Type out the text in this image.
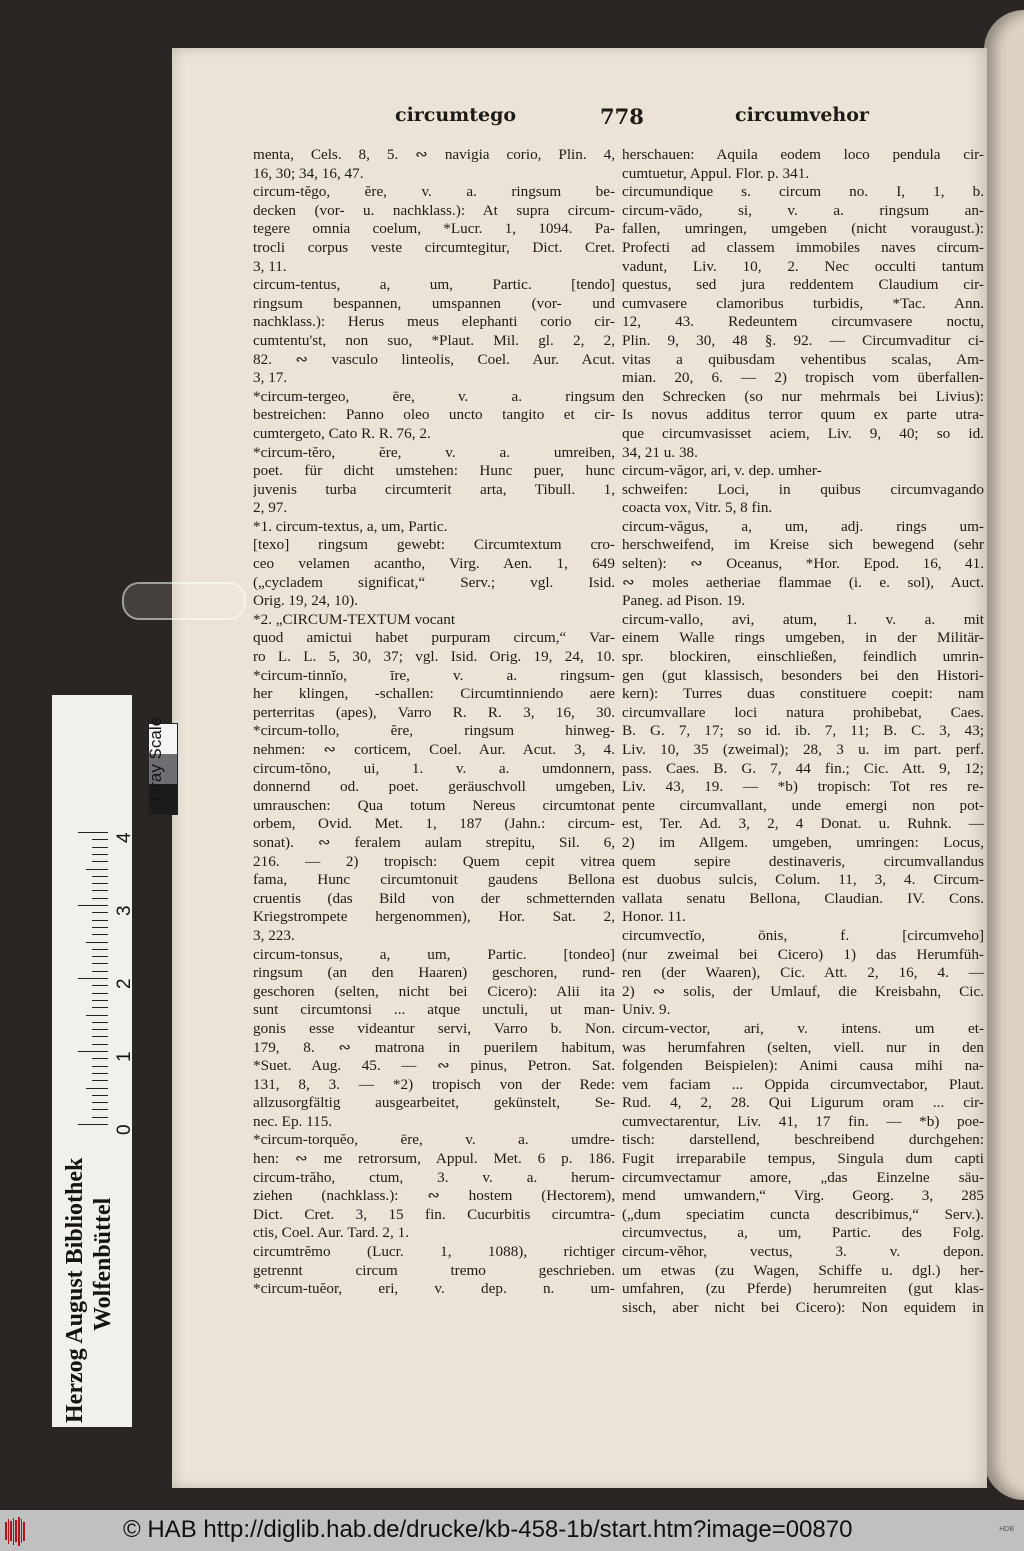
circumtego	778	circumvehor
menta, Cels. 8, 5. ∾ navigia corio, Plin. 4,
16, 30; 34, 16, 47.
circum-tĕgo, ĕre, v. a. ringsum be-
decken (vor- u. nachklass.): At supra circum-
tegere omnia coelum, *Lucr. 1, 1094. Pa-
trocli corpus veste circumtegitur, Dict. Cret.
3, 11.
circum-tentus, a, um, Partic. [tendo]
ringsum bespannen, umspannen (vor- und
nachklass.): Herus meus elephanti corio cir-
cumtentu'st, non suo, *Plaut. Mil. gl. 2, 2,
82. ∾ vasculo linteolis, Coel. Aur. Acut.
3, 17.
*circum-tergeo, ēre, v. a. ringsum
bestreichen: Panno oleo uncto tangito et cir-
cumtergeto, Cato R. R. 76, 2.
*circum-tĕro, ĕre, v. a. umreiben,
poet. für dicht umstehen: Hunc puer, hunc
juvenis turba circumterit arta, Tibull. 1,
2, 97.
*1. circum-textus, a, um, Partic.
[texo] ringsum gewebt: Circumtextum cro-
ceo velamen acantho, Virg. Aen. 1, 649
(„cycladem significat,“ Serv.; vgl. Isid.
Orig. 19, 24, 10).
*2. „CIRCUM-TEXTUM vocant
quod amictui habet purpuram circum,“ Var-
ro L. L. 5, 30, 37; vgl. Isid. Orig. 19, 24, 10.
*circum-tinnĭo, īre, v. a. ringsum-
her klingen, -schallen: Circumtinniendo aere
perterritas (apes), Varro R. R. 3, 16, 30.
*circum-tollo, ĕre, ringsum hinweg-
nehmen: ∾ corticem, Coel. Aur. Acut. 3, 4.
circum-tŏno, ui, 1. v. a. umdonnern,
donnernd od. poet. geräuschvoll umgeben,
umrauschen: Qua totum Nereus circumtonat
orbem, Ovid. Met. 1, 187 (Jahn.: circum-
sonat). ∾ feralem aulam strepitu, Sil. 6,
216. — 2) tropisch: Quem cepit vitrea
fama, Hunc circumtonuit gaudens Bellona
cruentis (das Bild von der schmetternden
Kriegstrompete hergenommen), Hor. Sat. 2,
3, 223.
circum-tonsus, a, um, Partic. [tondeo]
ringsum (an den Haaren) geschoren, rund-
geschoren (selten, nicht bei Cicero): Alii ita
sunt circumtonsi ... atque unctuli, ut man-
gonis esse videantur servi, Varro b. Non.
179, 8. ∾ matrona in puerilem habitum,
*Suet. Aug. 45. — ∾ pinus, Petron. Sat.
131, 8, 3. — *2) tropisch von der Rede:
allzusorgfältig ausgearbeitet, gekünstelt, Se-
nec. Ep. 115.
*circum-torquĕo, ēre, v. a. umdre-
hen: ∾ me retrorsum, Appul. Met. 6 p. 186.
circum-trăho, ctum, 3. v. a. herum-
ziehen (nachklass.): ∾ hostem (Hectorem),
Dict. Cret. 3, 15 fin. Cucurbitis circumtra-
ctis, Coel. Aur. Tard. 2, 1.
circumtrĕmo (Lucr. 1, 1088), richtiger
getrennt circum tremo geschrieben.
*circum-tuĕor, eri, v. dep. n. um-
herschauen: Aquila eodem loco pendula cir-
cumtuetur, Appul. Flor. p. 341.
circumundique s. circum no. I, 1, b.
circum-vādo, si, v. a. ringsum an-
fallen, umringen, umgeben (nicht voraugust.):
Profecti ad classem immobiles naves circum-
vadunt, Liv. 10, 2. Nec occulti tantum
questus, sed jura reddentem Claudium cir-
cumvasere clamoribus turbidis, *Tac. Ann.
12, 43. Redeuntem circumvasere noctu,
Plin. 9, 30, 48 §. 92. — Circumvaditur ci-
vitas a quibusdam vehentibus scalas, Am-
mian. 20, 6. — 2) tropisch vom überfallen-
den Schrecken (so nur mehrmals bei Livius):
Is novus additus terror quum ex parte utra-
que circumvasisset aciem, Liv. 9, 40; so id.
34, 21 u. 38.
circum-văgor, ari, v. dep. umher-
schweifen: Loci, in quibus circumvagando
coacta vox, Vitr. 5, 8 fin.
circum-văgus, a, um, adj. rings um-
herschweifend, im Kreise sich bewegend (sehr
selten): ∾ Oceanus, *Hor. Epod. 16, 41.
∾ moles aetheriae flammae (i. e. sol), Auct.
Paneg. ad Pison. 19.
circum-vallo, avi, atum, 1. v. a. mit
einem Walle rings umgeben, in der Militär-
spr. blockiren, einschließen, feindlich umrin-
gen (gut klassisch, besonders bei den Histori-
kern): Turres duas constituere coepit: nam
circumvallare loci natura prohibebat, Caes.
B. G. 7, 17; so id. ib. 7, 11; B. C. 3, 43;
Liv. 10, 35 (zweimal); 28, 3 u. im part. perf.
pass. Caes. B. G. 7, 44 fin.; Cic. Att. 9, 12;
Liv. 43, 19. — *b) tropisch: Tot res re-
pente circumvallant, unde emergi non pot-
est, Ter. Ad. 3, 2, 4 Donat. u. Ruhnk. —
2) im Allgem. umgeben, umringen: Locus,
quem sepire destinaveris, circumvallandus
est duobus sulcis, Colum. 11, 3, 4. Circum-
vallata senatu Bellona, Claudian. IV. Cons.
Honor. 11.
circumvectĭo, ōnis, f. [circumveho]
(nur zweimal bei Cicero) 1) das Herumfüh-
ren (der Waaren), Cic. Att. 2, 16, 4. —
2) ∾ solis, der Umlauf, die Kreisbahn, Cic.
Univ. 9.
circum-vector, ari, v. intens. um et-
was herumfahren (selten, viell. nur in den
folgenden Beispielen): Animi causa mihi na-
vem faciam ... Oppida circumvectabor, Plaut.
Rud. 4, 2, 28. Qui Ligurum oram ... cir-
cumvectarentur, Liv. 41, 17 fin. — *b) poe-
tisch: darstellend, beschreibend durchgehen:
Fugit irreparabile tempus, Singula dum capti
circumvectamur amore, „das Einzelne säu-
mend umwandern,“ Virg. Georg. 3, 285
(„dum speciatim cuncta describimus,“ Serv.).
circumvectus, a, um, Partic. des Folg.
circum-vĕhor, vectus, 3. v. depon.
um etwas (zu Wagen, Schiffe u. dgl.) her-
umfahren, (zu Pferde) herumreiten (gut klas-
sisch, aber nicht bei Cicero): Non equidem in
Gray Scale
0
1
2
3
4
Herzog August Bibliothek Wolfenbüttel
© HAB http://diglib.hab.de/drucke/kb-458-1b/start.htm?image=00870	HDB
